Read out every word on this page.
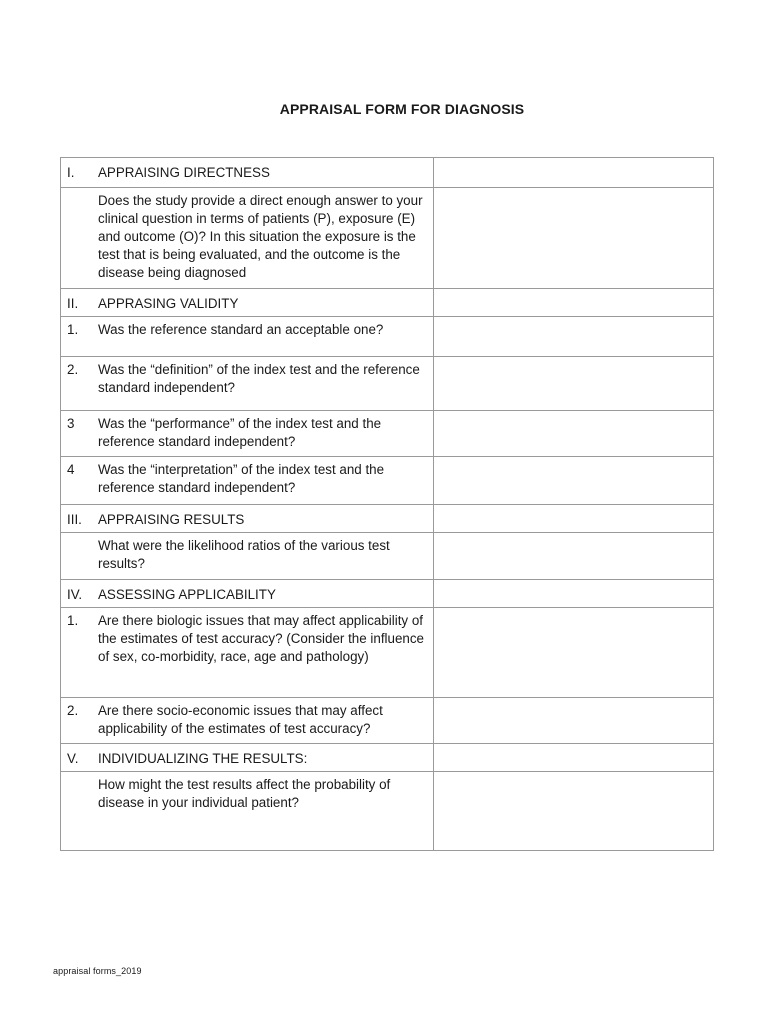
APPRAISAL FORM FOR DIAGNOSIS
I. APPRAISING DIRECTNESS	

Does the study provide a direct enough answer to your clinical question in terms of patients (P), exposure (E) and outcome (O)? In this situation the exposure is the test that is being evaluated, and the outcome is the disease being diagnosed	

II. APPRASING VALIDITY	

1. Was the reference standard an acceptable one?	

2. Was the “definition” of the index test and the reference standard independent?	

3 Was the “performance” of the index test and the reference standard independent?	

4 Was the “interpretation” of the index test and the reference standard independent?	

III. APPRAISING RESULTS	

What were the likelihood ratios of the various test results?	

IV. ASSESSING APPLICABILITY	

1. Are there biologic issues that may affect applicability of the estimates of test accuracy? (Consider the influence of sex, co-morbidity, race, age and pathology)	

2. Are there socio-economic issues that may affect applicability of the estimates of test accuracy?	

V. INDIVIDUALIZING THE RESULTS:	

How might the test results affect the probability of disease in your individual patient?	

appraisal forms_2019
